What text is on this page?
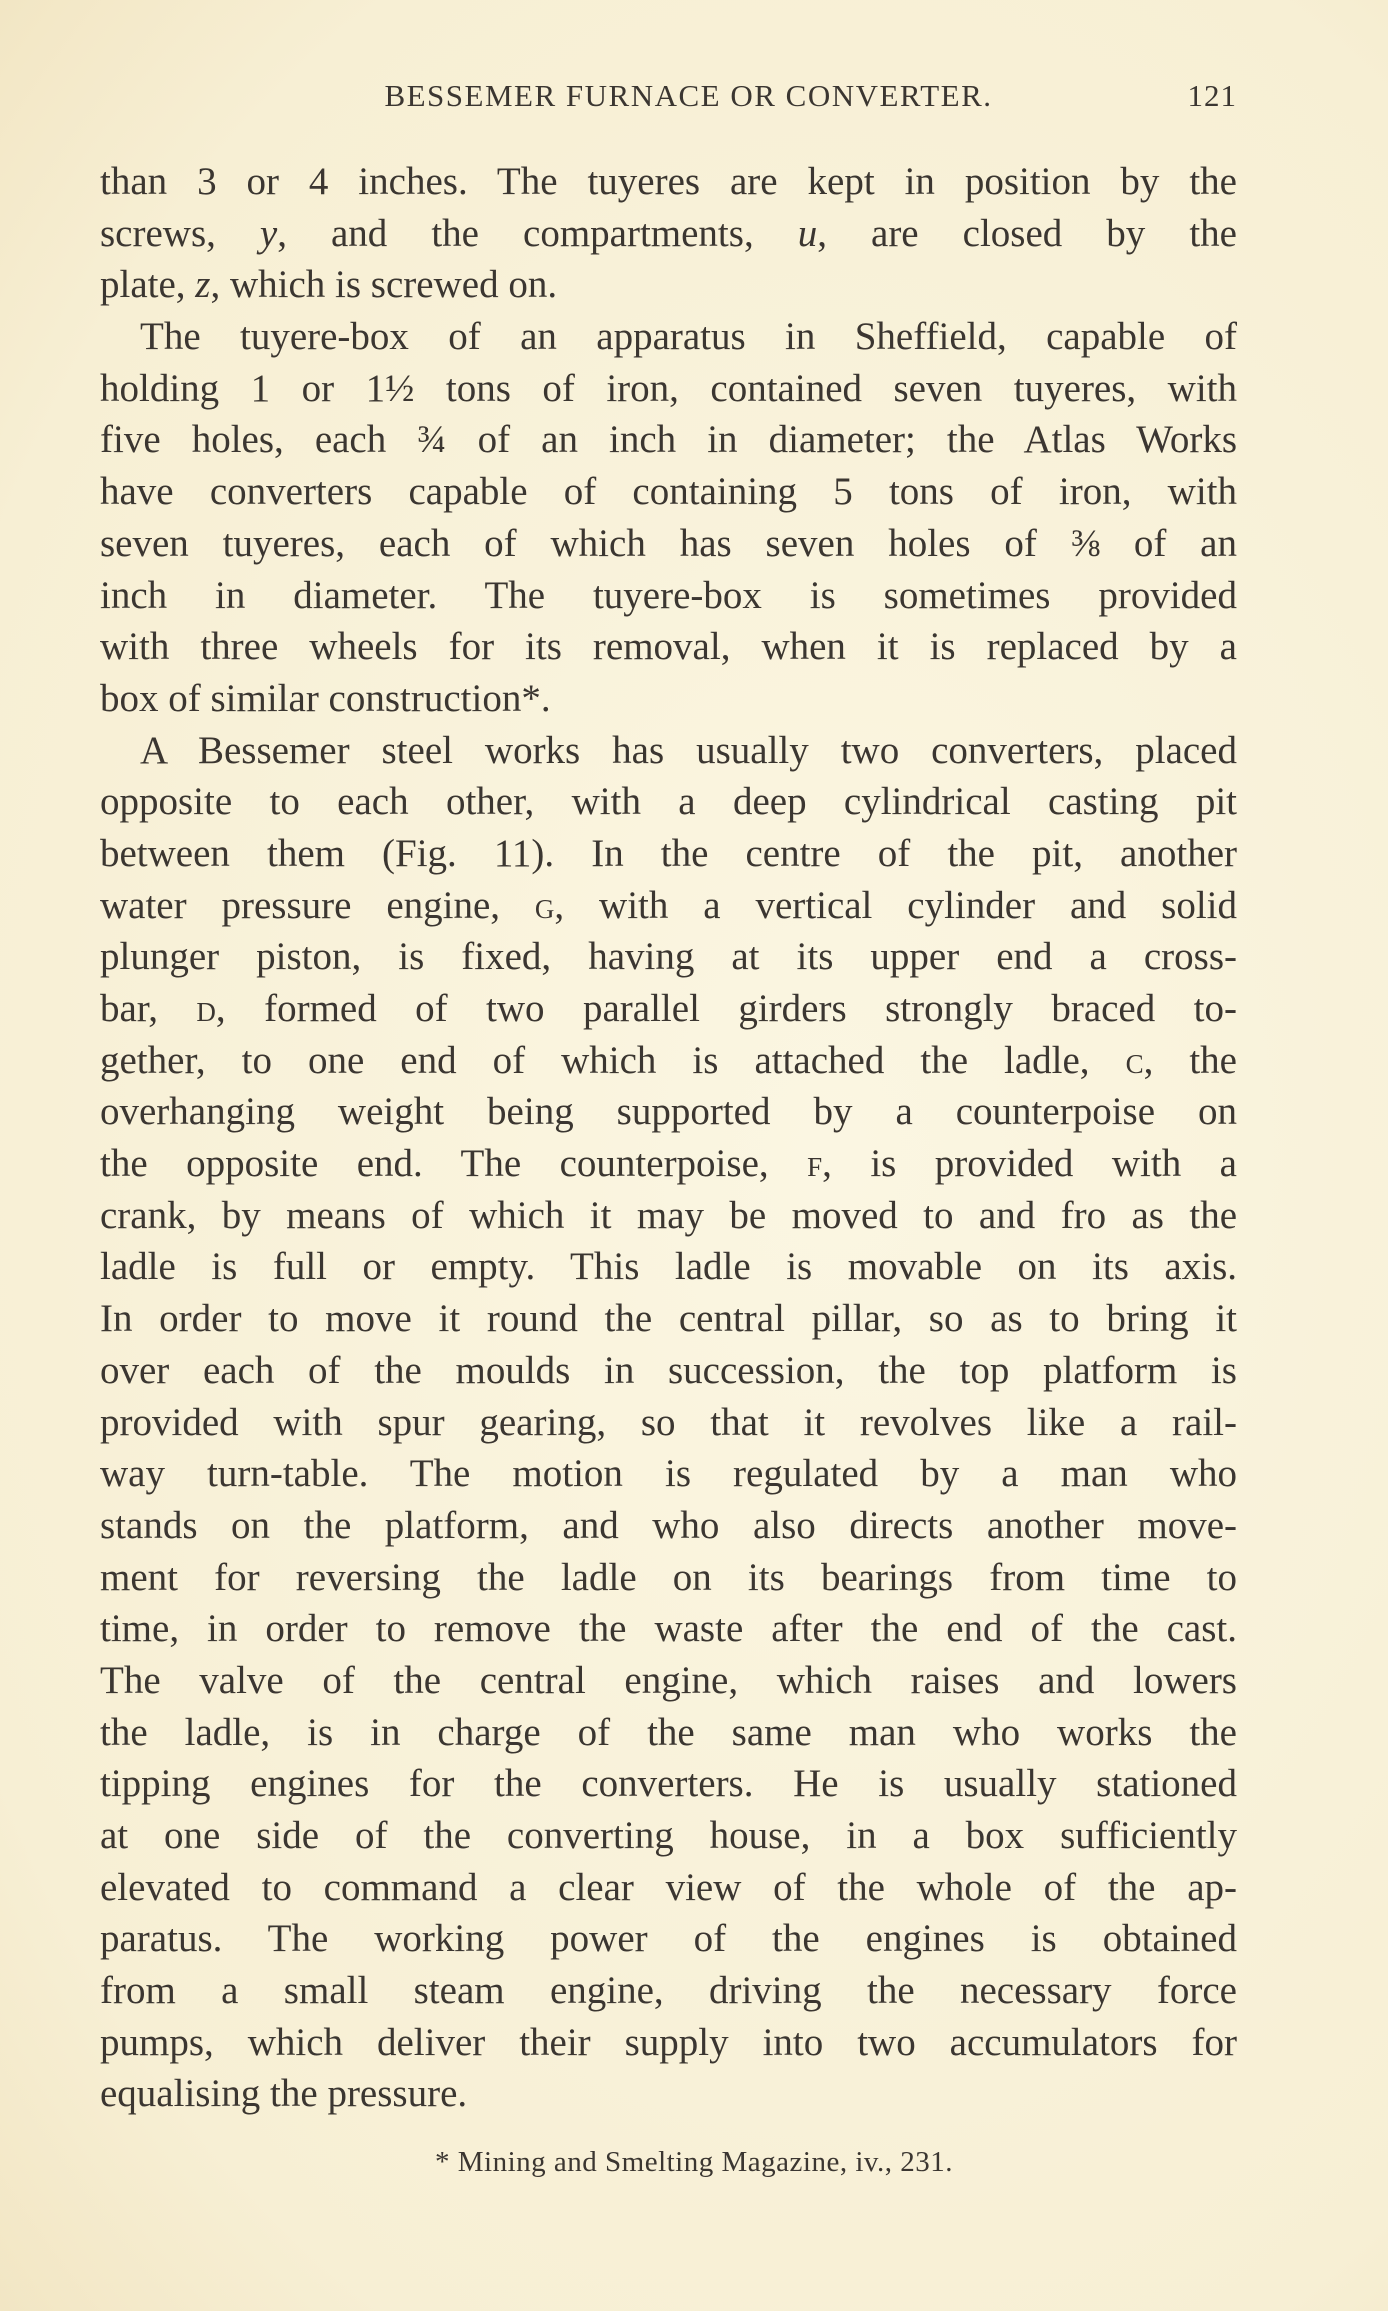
BESSEMER FURNACE OR CONVERTER.	121
than 3 or 4 inches. The tuyeres are kept in position by the
screws, y, and the compartments, u, are closed by the
plate, z, which is screwed on.
The tuyere-box of an apparatus in Sheffield, capable of
holding 1 or 1½ tons of iron, contained seven tuyeres, with
five holes, each ¾ of an inch in diameter; the Atlas Works
have converters capable of containing 5 tons of iron, with
seven tuyeres, each of which has seven holes of ⅜ of an
inch in diameter. The tuyere-box is sometimes provided
with three wheels for its removal, when it is replaced by a
box of similar construction*.
A Bessemer steel works has usually two converters, placed
opposite to each other, with a deep cylindrical casting pit
between them (Fig. 11). In the centre of the pit, another
water pressure engine, g, with a vertical cylinder and solid
plunger piston, is fixed, having at its upper end a cross-
bar, d, formed of two parallel girders strongly braced to-
gether, to one end of which is attached the ladle, c, the
overhanging weight being supported by a counterpoise on
the opposite end. The counterpoise, f, is provided with a
crank, by means of which it may be moved to and fro as the
ladle is full or empty. This ladle is movable on its axis.
In order to move it round the central pillar, so as to bring it
over each of the moulds in succession, the top platform is
provided with spur gearing, so that it revolves like a rail-
way turn-table. The motion is regulated by a man who
stands on the platform, and who also directs another move-
ment for reversing the ladle on its bearings from time to
time, in order to remove the waste after the end of the cast.
The valve of the central engine, which raises and lowers
the ladle, is in charge of the same man who works the
tipping engines for the converters. He is usually stationed
at one side of the converting house, in a box sufficiently
elevated to command a clear view of the whole of the ap-
paratus. The working power of the engines is obtained
from a small steam engine, driving the necessary force
pumps, which deliver their supply into two accumulators for
equalising the pressure.
* Mining and Smelting Magazine, iv., 231.
